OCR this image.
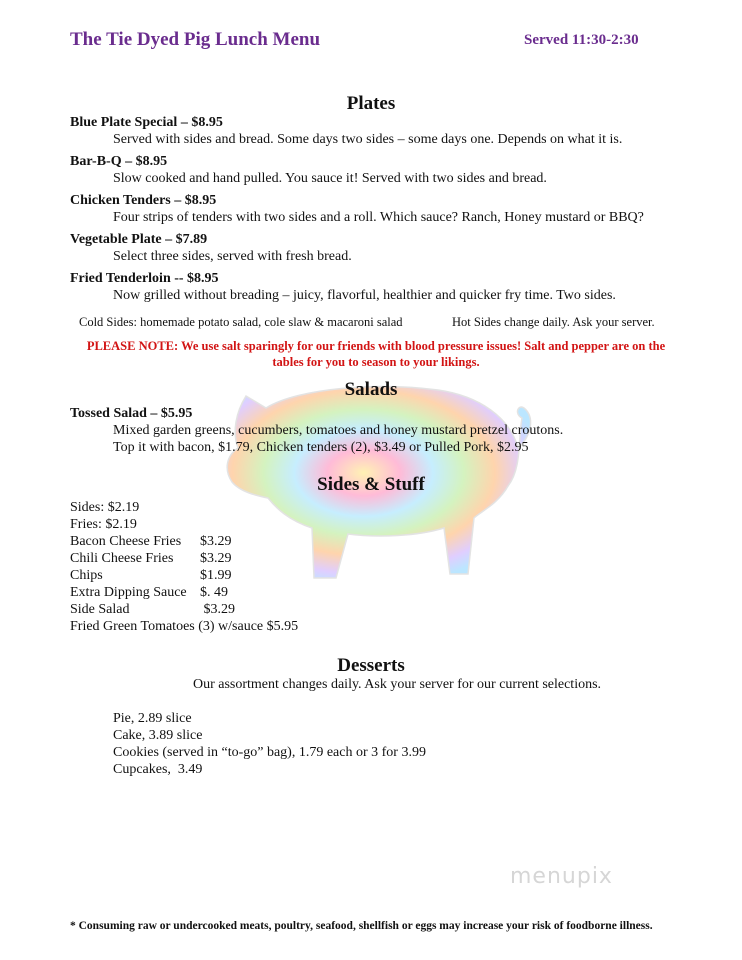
The Tie Dyed Pig Lunch Menu	Served 11:30-2:30
Plates
Blue Plate Special – $8.95
Served with sides and bread. Some days two sides – some days one. Depends on what it is.
Bar-B-Q – $8.95
Slow cooked and hand pulled. You sauce it! Served with two sides and bread.
Chicken Tenders – $8.95
Four strips of tenders with two sides and a roll. Which sauce? Ranch, Honey mustard or BBQ?
Vegetable Plate – $7.89
Select three sides, served with fresh bread.
Fried Tenderloin -- $8.95
Now grilled without breading – juicy, flavorful, healthier and quicker fry time. Two sides.
Cold Sides: homemade potato salad, cole slaw & macaroni salad	Hot Sides change daily. Ask your server.
PLEASE NOTE: We use salt sparingly for our friends with blood pressure issues! Salt and pepper are on the
tables for you to season to your likings.
Salads
Tossed Salad – $5.95
Mixed garden greens, cucumbers, tomatoes and honey mustard pretzel croutons.
Top it with bacon, $1.79, Chicken tenders (2), $3.49 or Pulled Pork, $2.95
Sides & Stuff
Sides: $2.19
Fries: $2.19
Bacon Cheese Fries $3.29
Chili Cheese Fries $3.29
Chips	$1.99
Extra Dipping Sauce $. 49
Side Salad	$3.29
Fried Green Tomatoes (3) w/sauce $5.95
Desserts
Our assortment changes daily. Ask your server for our current selections.
Pie, 2.89 slice
Cake, 3.89 slice
Cookies (served in “to-go” bag), 1.79 each or 3 for 3.99
Cupcakes,  3.49
menupix
* Consuming raw or undercooked meats, poultry, seafood, shellfish or eggs may increase your risk of foodborne illness.
